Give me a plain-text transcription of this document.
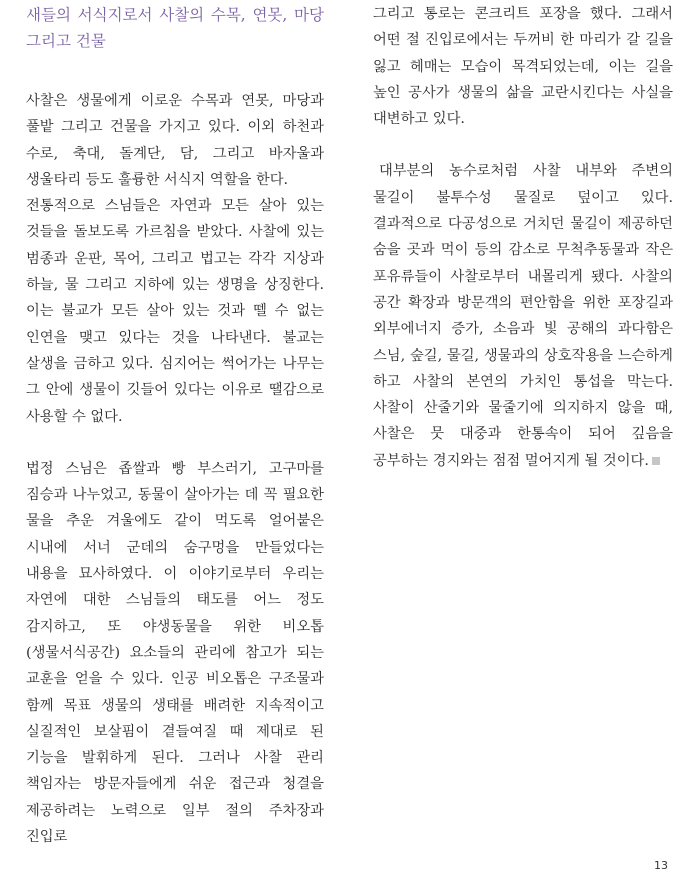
새들의 서식지로서 사찰의 수목, 연못, 마당 그리고 건물

사찰은 생물에게 이로운 수목과 연못, 마당과 풀밭 그리고 건물을 가지고 있다. 이외 하천과 수로, 축대, 돌계단, 담, 그리고 바자울과 생울타리 등도 훌륭한 서식지 역할을 한다.

전통적으로 스님들은 자연과 모든 살아 있는 것들을 돌보도록 가르침을 받았다. 사찰에 있는 범종과 운판, 목어, 그리고 법고는 각각 지상과 하늘, 물 그리고 지하에 있는 생명을 상징한다. 이는 불교가 모든 살아 있는 것과 뗄 수 없는 인연을 맺고 있다는 것을 나타낸다. 불교는 살생을 금하고 있다. 심지어는 썩어가는 나무는 그 안에 생물이 깃들어 있다는 이유로 땔감으로 사용할 수 없다.

법정 스님은 좁쌀과 빵 부스러기, 고구마를 짐승과 나누었고, 동물이 살아가는 데 꼭 필요한 물을 추운 겨울에도 같이 먹도록 얼어붙은 시내에 서너 군데의 숨구멍을 만들었다는 내용을 묘사하였다. 이 이야기로부터 우리는 자연에 대한 스님들의 태도를 어느 정도 감지하고, 또 야생동물을 위한 비오톱(생물서식공간) 요소들의 관리에 참고가 되는 교훈을 얻을 수 있다. 인공 비오톱은 구조물과 함께 목표 생물의 생태를 배려한 지속적이고 실질적인 보살핌이 곁들여질 때 제대로 된 기능을 발휘하게 된다. 그러나 사찰 관리 책임자는 방문자들에게 쉬운 접근과 청결을 제공하려는 노력으로 일부 절의 주차장과 진입로

그리고 통로는 콘크리트 포장을 했다. 그래서 어떤 절 진입로에서는 두꺼비 한 마리가 갈 길을 잃고 헤매는 모습이 목격되었는데, 이는 길을 높인 공사가 생물의 삶을 교란시킨다는 사실을 대변하고 있다.

대부분의 농수로처럼 사찰 내부와 주변의 물길이 불투수성 물질로 덮이고 있다. 결과적으로 다공성으로 거치던 물길이 제공하던 숨을 곳과 먹이 등의 감소로 무척추동물과 작은 포유류들이 사찰로부터 내몰리게 됐다. 사찰의 공간 확장과 방문객의 편안함을 위한 포장길과 외부에너지 증가, 소음과 빛 공해의 과다함은 스님, 숲길, 물길, 생물과의 상호작용을 느슨하게 하고 사찰의 본연의 가치인 통섭을 막는다. 사찰이 산줄기와 물줄기에 의지하지 않을 때, 사찰은 뭇 대중과 한통속이 되어 깊음을 공부하는 경지와는 점점 멀어지게 될 것이다.

13
